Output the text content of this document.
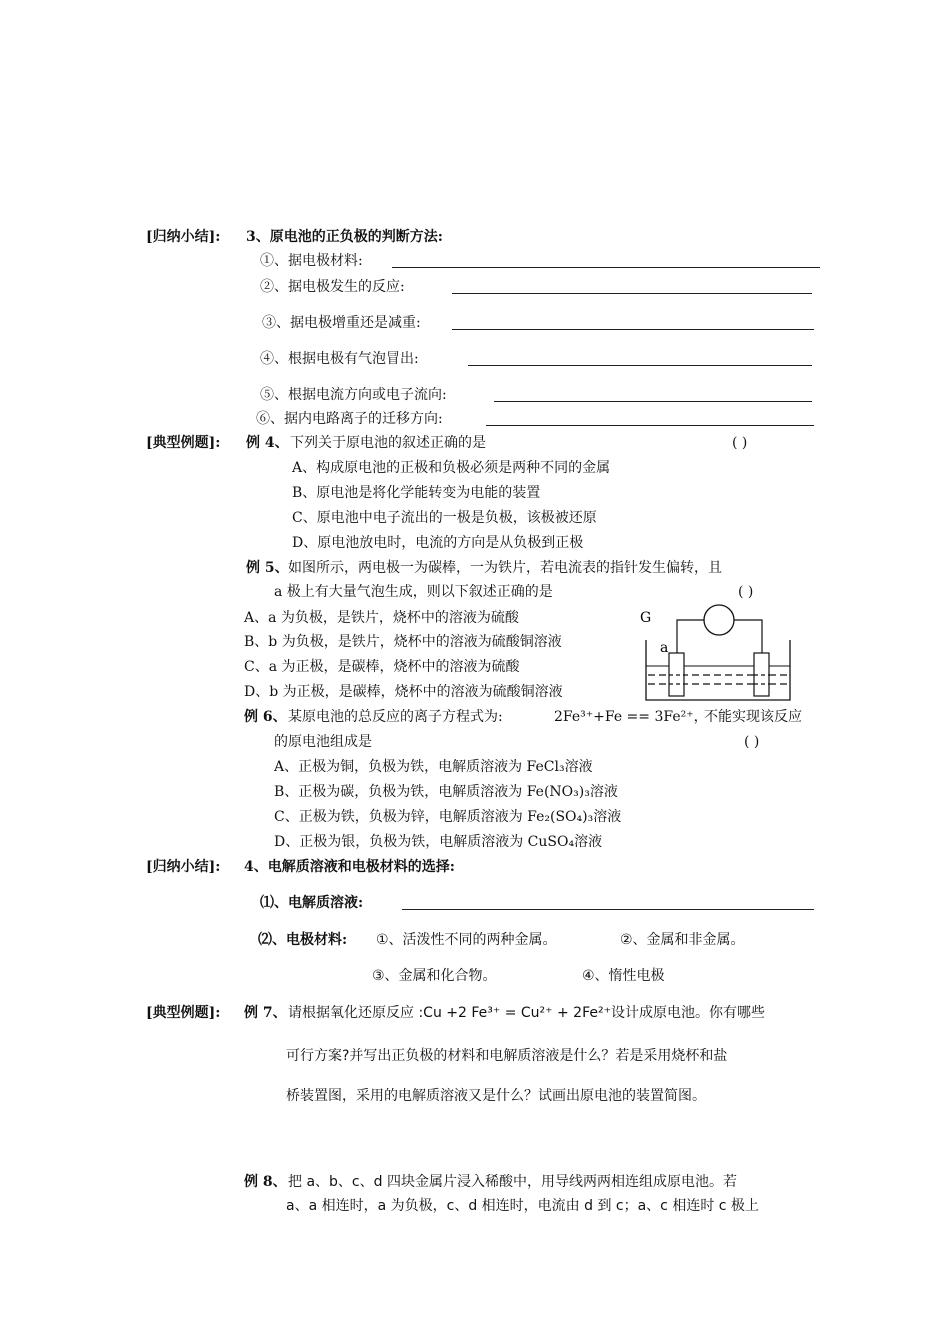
[归纳小结]: 3、原电池的正负极的判断方法:
①、据电极材料:
②、据电极发生的反应:
③、据电极增重还是减重:
④、根据电极有气泡冒出:
⑤、根据电流方向或电子流向:
⑥、据内电路离子的迁移方向:
[典型例题]: 例 4、 下列关于原电池的叙述正确的是	( )
A、构成原电池的正极和负极必须是两种不同的金属
B、原电池是将化学能转变为电能的装置
C、原电池中电子流出的一极是负极，该极被还原
D、原电池放电时，电流的方向是从负极到正极
例 5、 如图所示，两电极一为碳棒，一为铁片，若电流表的指针发生偏转，且
a 极上有大量气泡生成，则以下叙述正确的是	( )
A、a 为负极，是铁片，烧杯中的溶液为硫酸
B、b 为负极，是铁片，烧杯中的溶液为硫酸铜溶液
C、a 为正极，是碳棒，烧杯中的溶液为硫酸
D、b 为正极，是碳棒，烧杯中的溶液为硫酸铜溶液
G
a
例 6、 某原电池的总反应的离子方程式为:	2Fe³⁺+Fe == 3Fe²⁺，
不能实现该反应
的原电池组成是	( )
A、正极为铜，负极为铁，电解质溶液为 FeCl₃溶液
B、正极为碳，负极为铁，电解质溶液为 Fe(NO₃)₃溶液
C、正极为铁，负极为锌，电解质溶液为 Fe₂(SO₄)₃溶液
D、正极为银，负极为铁，电解质溶液为 CuSO₄溶液
[归纳小结]: 4、电解质溶液和电极材料的选择:
⑴、电解质溶液:
⑵、电极材料: ①、活泼性不同的两种金属。	②、金属和非金属。
③、金属和化合物。	④、惰性电极
[典型例题]: 例 7、 请根据氧化还原反应 :Cu +2 Fe³⁺ = Cu²⁺ + 2Fe²⁺设计成原电池。你有哪些
可行方案?并写出正负极的材料和电解质溶液是什么？若是采用烧杯和盐
桥装置图，采用的电解质溶液又是什么？试画出原电池的装置简图。
例 8、 把 a、b、c、d 四块金属片浸入稀酸中，用导线两两相连组成原电池。若
a、a 相连时，a 为负极，c、d 相连时，电流由 d 到 c；a、c 相连时 c 极上
